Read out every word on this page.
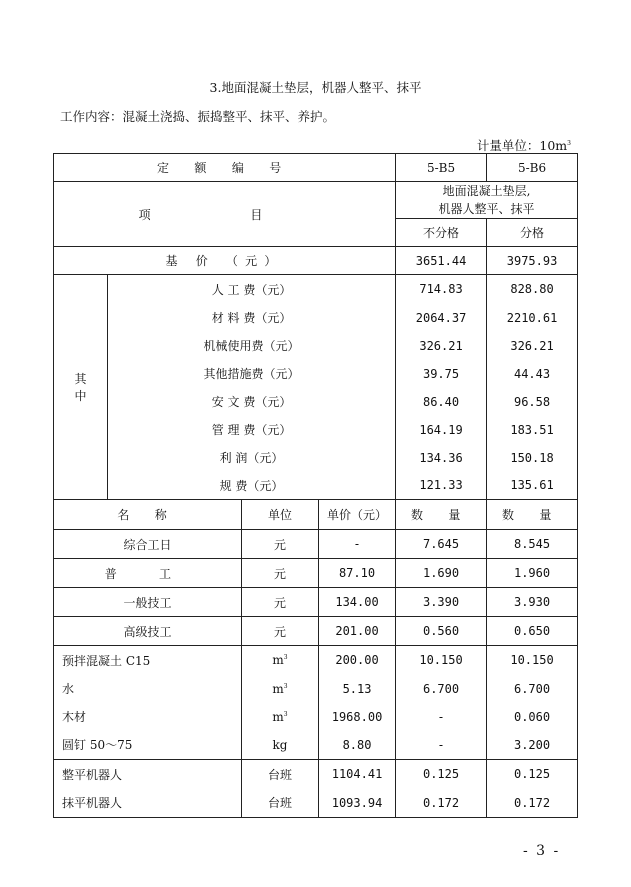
3.地面混凝土垫层，机器人整平、抹平
工作内容：混凝土浇捣、振捣整平、抹平、养护。
计量单位：$10m^3$
定 额 编 号				5-B5	5-B6
项 目				地面混凝土垫层,
机器人整平、抹平	

				不分格	分格
基 价 （元）				3651.44	3975.93

其
中	人 工 费（元）			714.83	828.80
	材 料 费（元）			2064.37	2210.61
	机械使用费（元）			326.21	326.21
	其他措施费（元）			39.75	44.43
	安 文 费（元）			86.40	96.58
	管 理 费（元）			164.19	183.51
	利 润（元）			134.36	150.18
	规 费（元）			121.33	135.61
名 称		单位	单价（元）	数 量	数 量
综合工日		元	-	7.645	8.545
普 工		元	87.10	1.690	1.960
一般技工		元	134.00	3.390	3.930
高级技工		元	201.00	0.560	0.650
预拌混凝土 C15		$m^3$	200.00	10.150	10.150
水		$m^3$	5.13	6.700	6.700
木材		$m^3$	1968.00	-	0.060
圆钉 50～75		kg	8.80	-	3.200
整平机器人		台班	1104.41	0.125	0.125
抹平机器人		台班	1093.94	0.172	0.172
- 3 -
